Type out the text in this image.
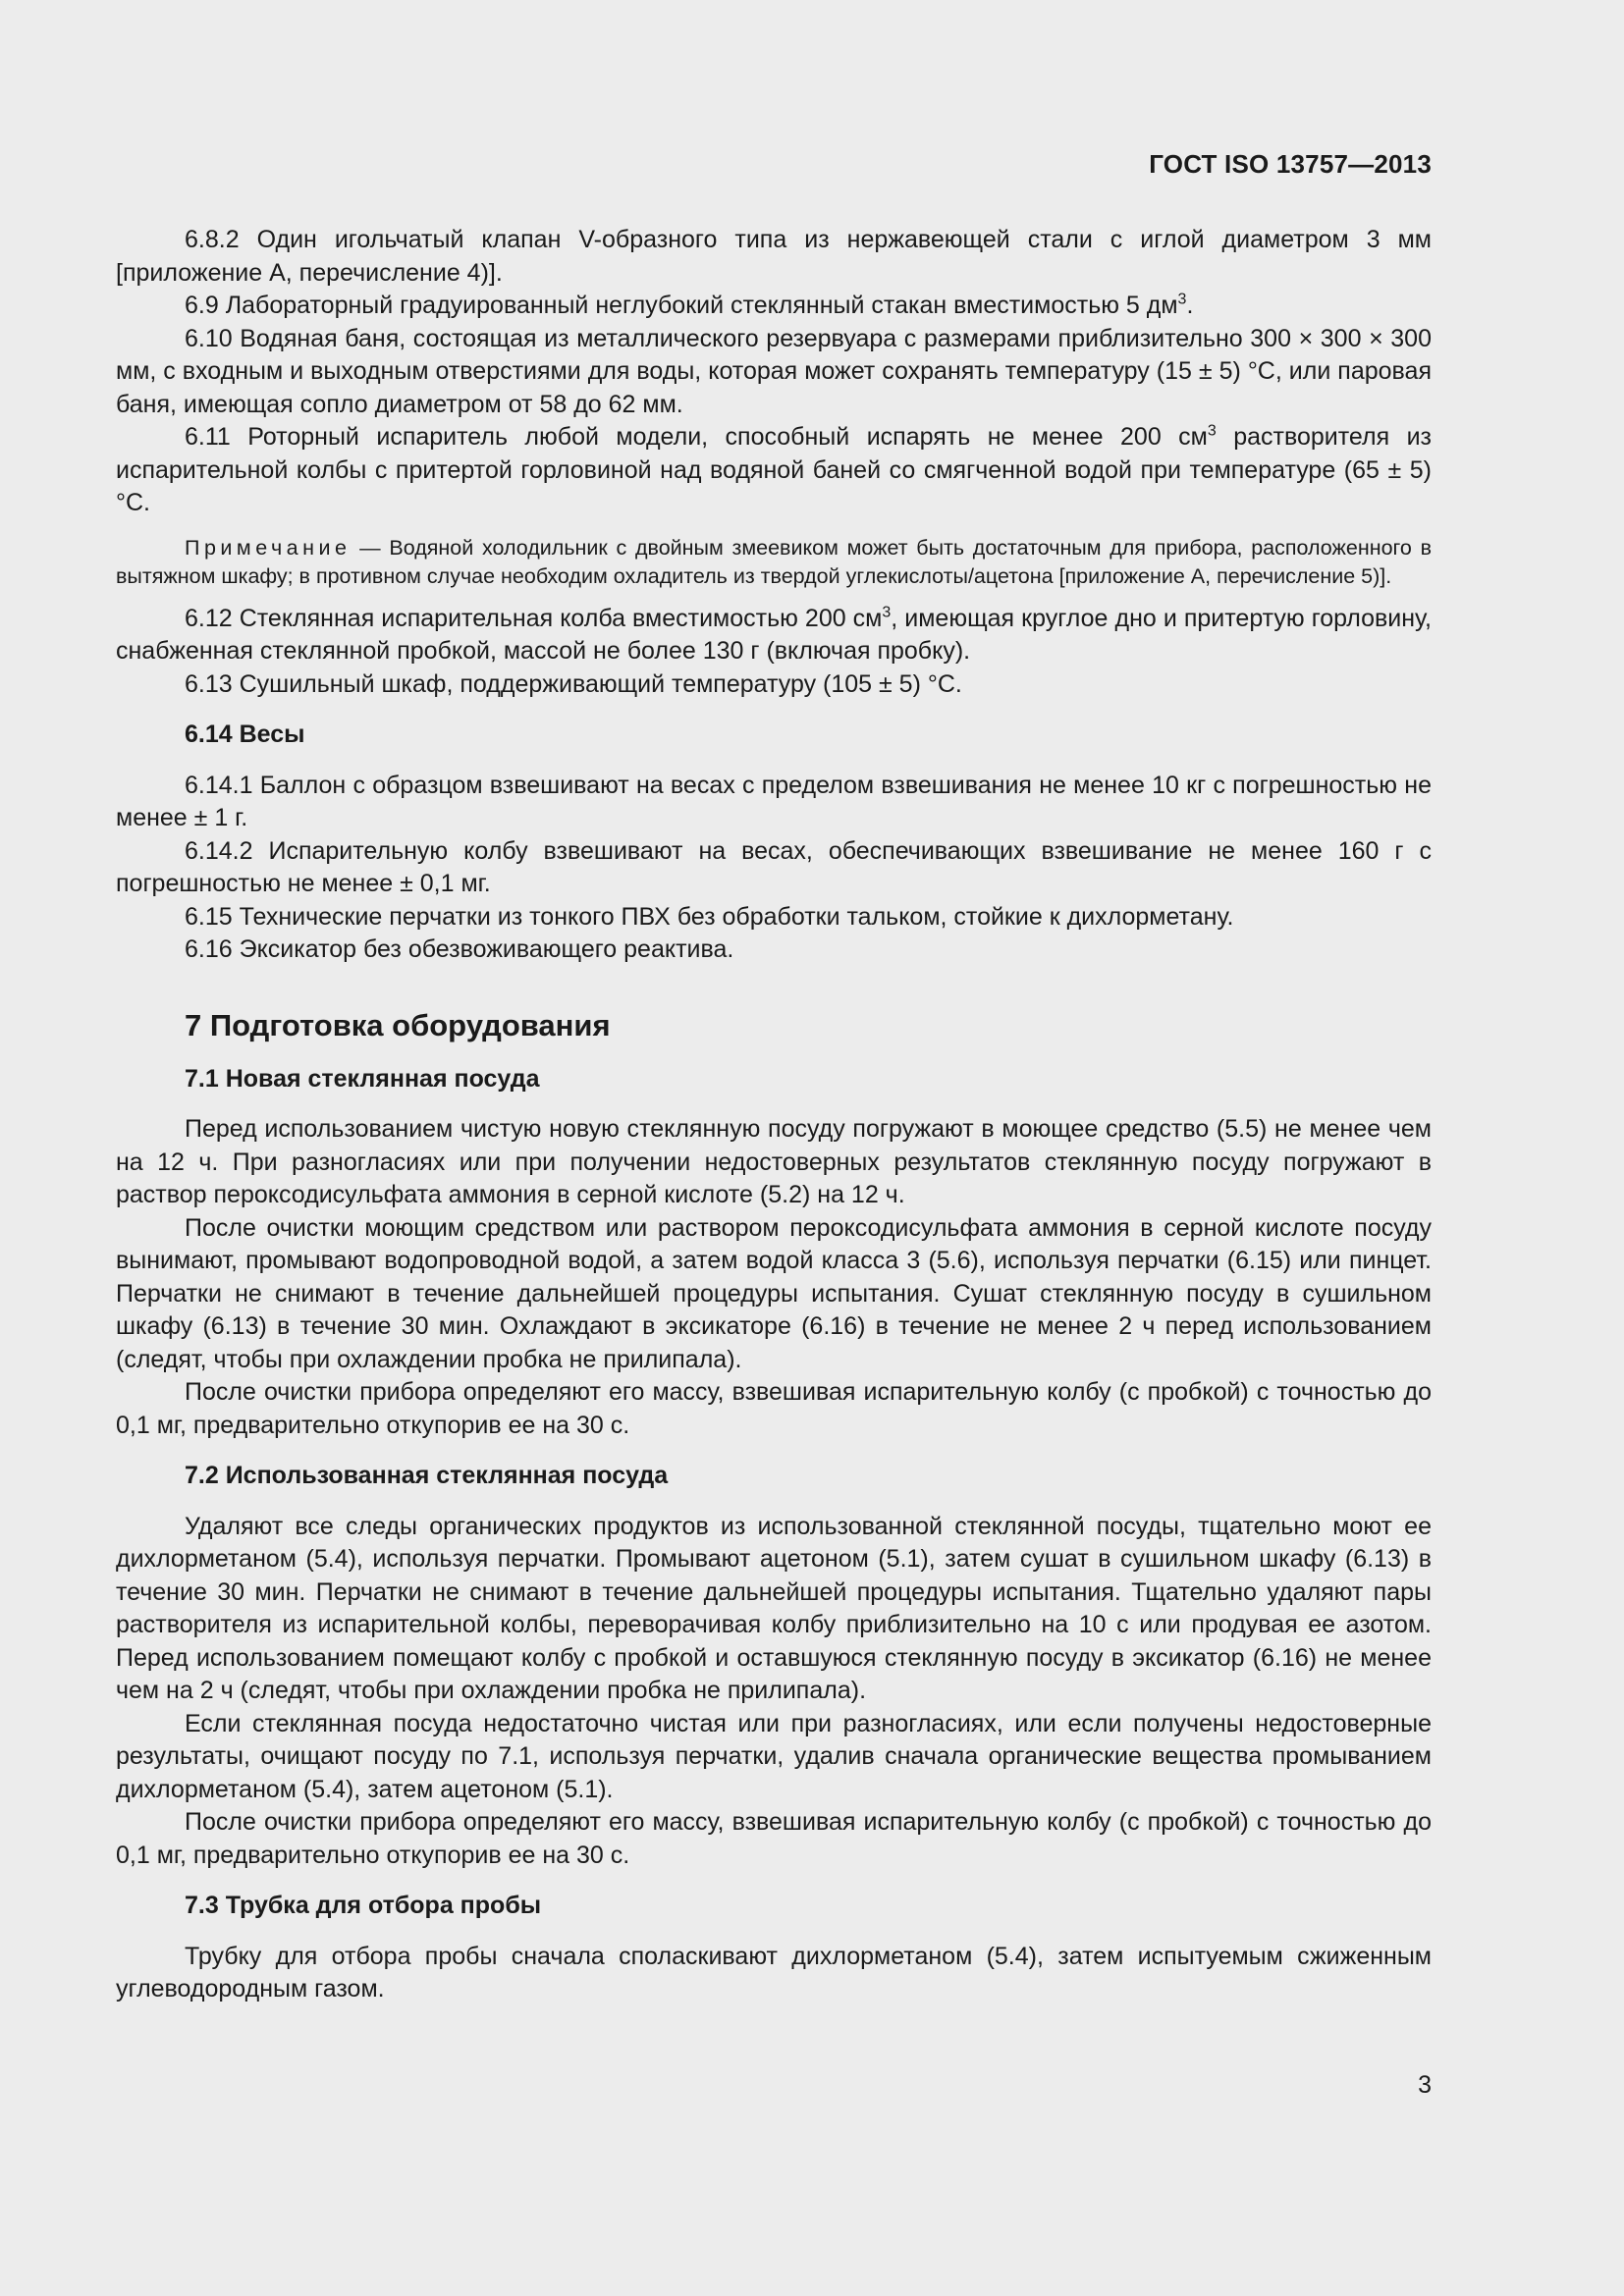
ГОСТ ISO 13757—2013

6.8.2 Один игольчатый клапан V-образного типа из нержавеющей стали с иглой диаметром 3 мм [приложение А, перечисление 4)].

6.9 Лабораторный градуированный неглубокий стеклянный стакан вместимостью 5 $дм^3$.

6.10 Водяная баня, состоящая из металлического резервуара с размерами приблизительно 300 × 300 × 300 мм, с входным и выходным отверстиями для воды, которая может сохранять температуру (15 ± 5) °С, или паровая баня, имеющая сопло диаметром от 58 до 62 мм.

6.11 Роторный испаритель любой модели, способный испарять не менее 200 $см^3$ растворителя из испарительной колбы с притертой горловиной над водяной баней со смягченной водой при температуре (65 ± 5) °С.

Примечание — Водяной холодильник с двойным змеевиком может быть достаточным для прибора, расположенного в вытяжном шкафу; в противном случае необходим охладитель из твердой углекислоты/ацетона [приложение А, перечисление 5)].

6.12 Стеклянная испарительная колба вместимостью 200 $см^3$, имеющая круглое дно и притертую горловину, снабженная стеклянной пробкой, массой не более 130 г (включая пробку).

6.13 Сушильный шкаф, поддерживающий температуру (105 ± 5) °С.

6.14 Весы

6.14.1 Баллон с образцом взвешивают на весах с пределом взвешивания не менее 10 кг с погрешностью не менее ± 1 г.

6.14.2 Испарительную колбу взвешивают на весах, обеспечивающих взвешивание не менее 160 г с погрешностью не менее ± 0,1 мг.

6.15 Технические перчатки из тонкого ПВХ без обработки тальком, стойкие к дихлорметану.

6.16 Эксикатор без обезвоживающего реактива.

7 Подготовка оборудования
7.1 Новая стеклянная посуда

Перед использованием чистую новую стеклянную посуду погружают в моющее средство (5.5) не менее чем на 12 ч. При разногласиях или при получении недостоверных результатов стеклянную посуду погружают в раствор пероксодисульфата аммония в серной кислоте (5.2) на 12 ч.

После очистки моющим средством или раствором пероксодисульфата аммония в серной кислоте посуду вынимают, промывают водопроводной водой, а затем водой класса 3 (5.6), используя перчатки (6.15) или пинцет. Перчатки не снимают в течение дальнейшей процедуры испытания. Сушат стеклянную посуду в сушильном шкафу (6.13) в течение 30 мин. Охлаждают в эксикаторе (6.16) в течение не менее 2 ч перед использованием (следят, чтобы при охлаждении пробка не прилипала).

После очистки прибора определяют его массу, взвешивая испарительную колбу (с пробкой) с точностью до 0,1 мг, предварительно откупорив ее на 30 с.

7.2 Использованная стеклянная посуда

Удаляют все следы органических продуктов из использованной стеклянной посуды, тщательно моют ее дихлорметаном (5.4), используя перчатки. Промывают ацетоном (5.1), затем сушат в сушильном шкафу (6.13) в течение 30 мин. Перчатки не снимают в течение дальнейшей процедуры испытания. Тщательно удаляют пары растворителя из испарительной колбы, переворачивая колбу приблизительно на 10 с или продувая ее азотом. Перед использованием помещают колбу с пробкой и оставшуюся стеклянную посуду в эксикатор (6.16) не менее чем на 2 ч (следят, чтобы при охлаждении пробка не прилипала).

Если стеклянная посуда недостаточно чистая или при разногласиях, или если получены недостоверные результаты, очищают посуду по 7.1, используя перчатки, удалив сначала органические вещества промыванием дихлорметаном (5.4), затем ацетоном (5.1).

После очистки прибора определяют его массу, взвешивая испарительную колбу (с пробкой) с точностью до 0,1 мг, предварительно откупорив ее на 30 с.

7.3 Трубка для отбора пробы

Трубку для отбора пробы сначала споласкивают дихлорметаном (5.4), затем испытуемым сжиженным углеводородным газом.

3
